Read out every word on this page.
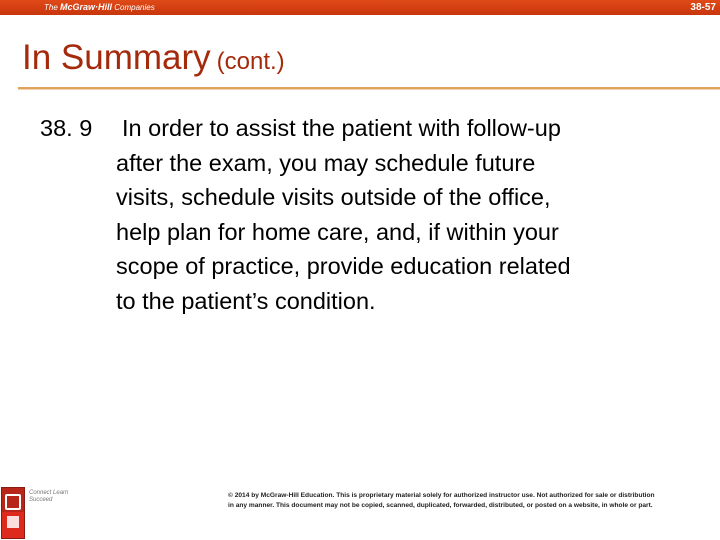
The McGraw·Hill Companies	38-57
In Summary (cont.)
38. 9 In order to assist the patient with follow-up
after the exam, you may schedule future
visits, schedule visits outside of the office,
help plan for home care, and, if within your
scope of practice, provide education related
to the patient’s condition.
Connect Learn Succeed
© 2014 by McGraw-Hill Education. This is proprietary material solely for authorized instructor use. Not authorized for sale or distribution
in any manner. This document may not be copied, scanned, duplicated, forwarded, distributed, or posted on a website, in whole or part.
